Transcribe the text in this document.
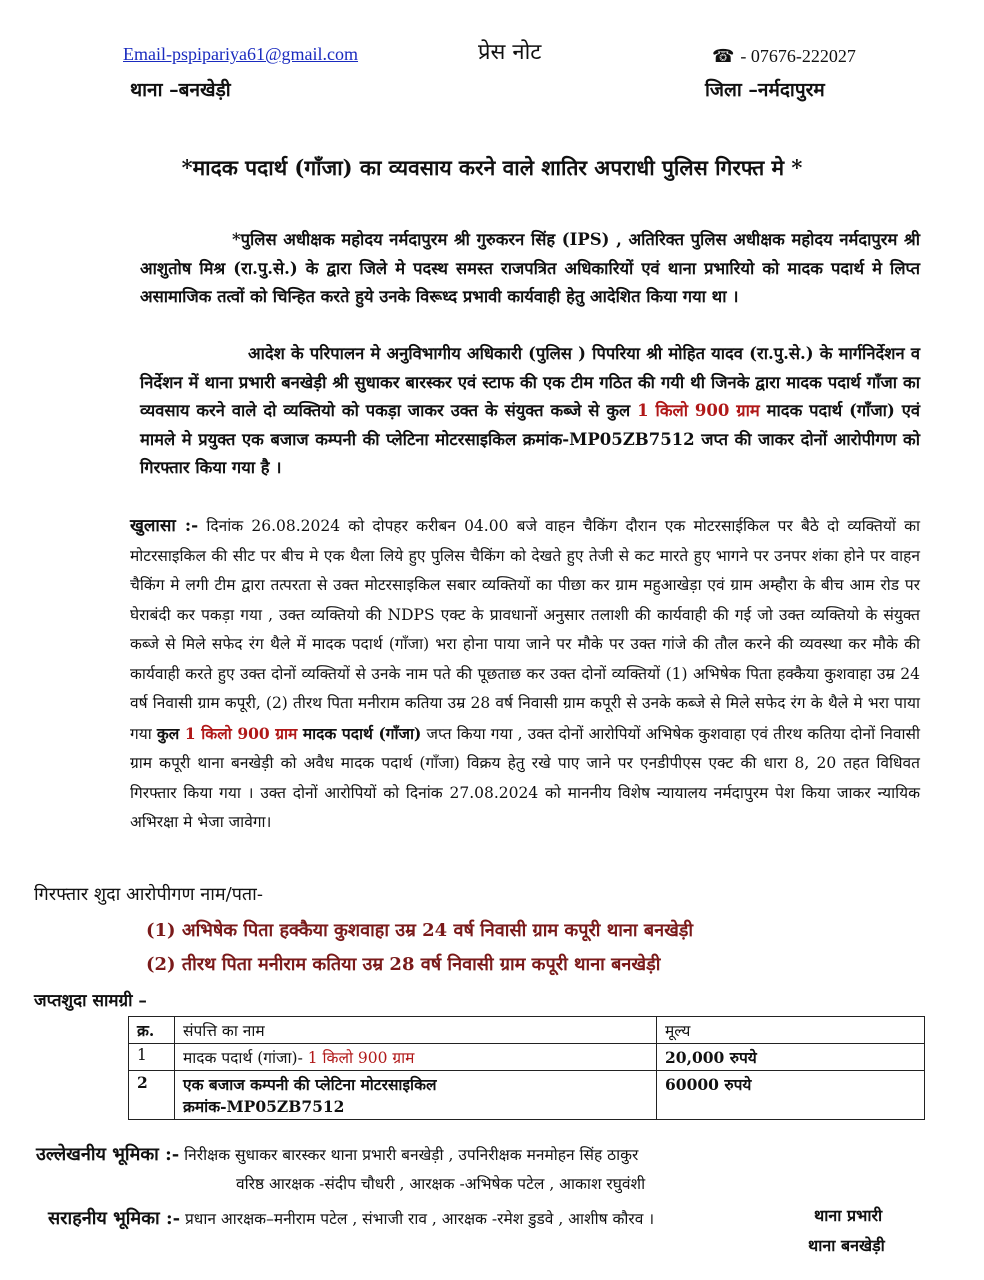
Email-pspipariya61@gmail.com
थाना –बनखेड़ी
प्रेस नोट	☎ - 07676-222027
जिला –नर्मदापुरम
*मादक पदार्थ (गाँजा) का व्यवसाय करने वाले शातिर अपराधी पुलिस गिरफ्त मे *
*पुलिस अधीक्षक महोदय नर्मदापुरम श्री गुरुकरन सिंह (IPS) , अतिरिक्त पुलिस अधीक्षक महोदय नर्मदापुरम श्री आशुतोष मिश्र (रा.पु.से.) के द्वारा जिले मे पदस्थ समस्त राजपत्रित अधिकारियों एवं थाना प्रभारियो को मादक पदार्थ मे लिप्त असामाजिक तत्वों को चिन्हित करते हुये उनके विरूध्द प्रभावी कार्यवाही हेतु आदेशित किया गया था ।
आदेश के परिपालन मे अनुविभागीय अधिकारी (पुलिस ) पिपरिया श्री मोहित यादव (रा.पु.से.) के मार्गनिर्देशन व निर्देशन में थाना प्रभारी बनखेड़ी श्री सुधाकर बारस्कर एवं स्टाफ की एक टीम गठित की गयी थी जिनके द्वारा मादक पदार्थ गाँजा का व्यवसाय करने वाले दो व्यक्तियो को पकड़ा जाकर उक्त के संयुक्त कब्जे से कुल 1 किलो 900 ग्राम मादक पदार्थ (गाँजा) एवं मामले मे प्रयुक्त एक बजाज कम्पनी की प्लेटिना मोटरसाइकिल क्रमांक-MP05ZB7512 जप्त की जाकर दोनों आरोपीगण को गिरफ्तार किया गया है ।
खुलासा :- दिनांक 26.08.2024 को दोपहर करीबन 04.00 बजे वाहन चैकिंग दौरान एक मोटरसाईकिल पर बैठे दो व्यक्तियों का मोटरसाइकिल की सीट पर बीच मे एक थैला लिये हुए पुलिस चैकिंग को देखते हुए तेजी से कट मारते हुए भागने पर उनपर शंका होने पर वाहन चैकिंग मे लगी टीम द्वारा तत्परता से उक्त मोटरसाइकिल सबार व्यक्तियों का पीछा कर ग्राम महुआखेड़ा एवं ग्राम अम्हौरा के बीच आम रोड पर घेराबंदी कर पकड़ा गया , उक्त व्यक्तियो की NDPS एक्ट के प्रावधानों अनुसार तलाशी की कार्यवाही की गई जो उक्त व्यक्तियो के संयुक्त कब्जे से मिले सफेद रंग थैले में मादक पदार्थ (गाँजा) भरा होना पाया जाने पर मौके पर उक्त गांजे की तौल करने की व्यवस्था कर मौके की कार्यवाही करते हुए उक्त दोनों व्यक्तियों से उनके नाम पते की पूछताछ कर उक्त दोनों व्यक्तियों (1) अभिषेक पिता हक्कैया कुशवाहा उम्र 24 वर्ष निवासी ग्राम कपूरी, (2) तीरथ पिता मनीराम कतिया उम्र 28 वर्ष निवासी ग्राम कपूरी से उनके कब्जे से मिले सफेद रंग के थैले मे भरा पाया गया कुल 1 किलो 900 ग्राम मादक पदार्थ (गाँजा) जप्त किया गया , उक्त दोनों आरोपियों अभिषेक कुशवाहा एवं तीरथ कतिया दोनों निवासी ग्राम कपूरी थाना बनखेड़ी को अवैध मादक पदार्थ (गाँजा) विक्रय हेतु रखे पाए जाने पर एनडीपीएस एक्ट की धारा 8, 20 तहत विधिवत गिरफ्तार किया गया । उक्त दोनों आरोपियों को दिनांक 27.08.2024 को माननीय विशेष न्यायालय नर्मदापुरम पेश किया जाकर न्यायिक अभिरक्षा मे भेजा जावेगा।
गिरफ्तार शुदा आरोपीगण नाम/पता-
(1) अभिषेक पिता हक्कैया कुशवाहा उम्र 24 वर्ष निवासी ग्राम कपूरी थाना बनखेड़ी
(2) तीरथ पिता मनीराम कतिया उम्र 28 वर्ष निवासी ग्राम कपूरी थाना बनखेड़ी
जप्तशुदा सामग्री –
क्र.	संपत्ति का नाम	मूल्य
1	मादक पदार्थ (गांजा)- 1 किलो 900 ग्राम	20,000 रुपये
2	एक बजाज कम्पनी की प्लेटिना मोटरसाइकिल
क्रमांक-MP05ZB7512	60000 रुपये
उल्लेखनीय भूमिका :- निरीक्षक सुधाकर बारस्कर थाना प्रभारी बनखेड़ी , उपनिरीक्षक मनमोहन सिंह ठाकुर
वरिष्ठ आरक्षक -संदीप चौधरी , आरक्षक -अभिषेक पटेल , आकाश रघुवंशी
सराहनीय भूमिका :- प्रधान आरक्षक–मनीराम पटेल , संभाजी राव , आरक्षक -रमेश डुडवे , आशीष कौरव ।	थाना प्रभारी
थाना बनखेड़ी
